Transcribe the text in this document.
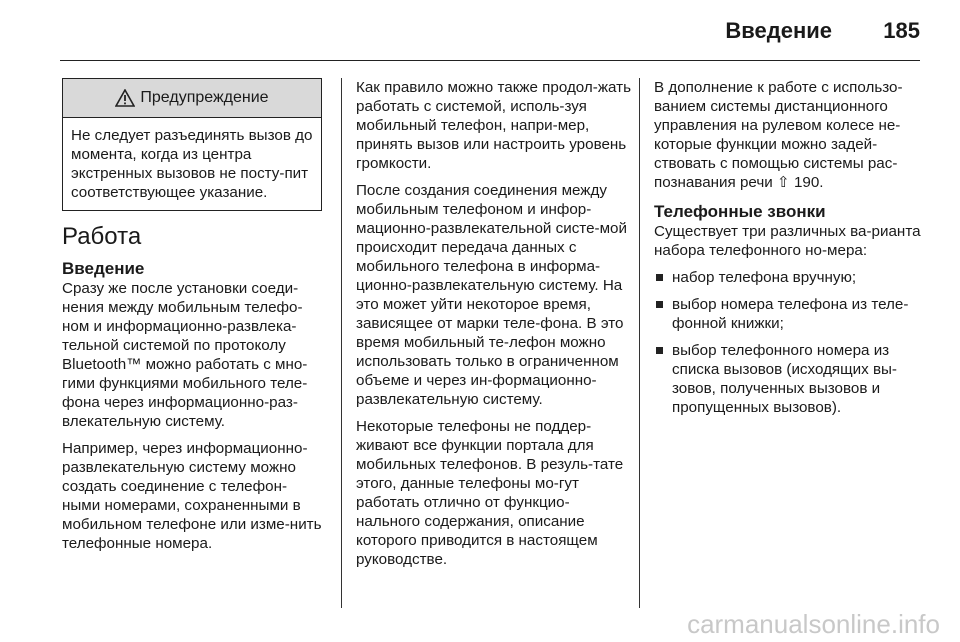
Введение 185
Предупреждение
Не следует разъединять вызов до момента, когда из центра экстренных вызовов не посту-пит соответствующее указание.
Работа
Введение

Сразу же после установки соеди-нения между мобильным телефо-ном и информационно-развлека-тельной системой по протоколу Bluetooth™ можно работать с мно-гими функциями мобильного теле-фона через информационно-раз-влекательную систему.

Например, через информационно-развлекательную систему можно создать соединение с телефон-ными номерами, сохраненными в мобильном телефоне или изме-нить телефонные номера.

Как правило можно также продол-жать работать с системой, исполь-зуя мобильный телефон, напри-мер, принять вызов или настроить уровень громкости.

После создания соединения между мобильным телефоном и инфор-мационно-развлекательной систе-мой происходит передача данных с мобильного телефона в информа-ционно-развлекательную систему. На это может уйти некоторое время, зависящее от марки теле-фона. В это время мобильный те-лефон можно использовать только в ограниченном объеме и через ин-формационно-развлекательную систему.

Некоторые телефоны не поддер-живают все функции портала для мобильных телефонов. В резуль-тате этого, данные телефоны мо-гут работать отлично от функцио-нального содержания, описание которого приводится в настоящем руководстве.

В дополнение к работе с использо-ванием системы дистанционного управления на рулевом колесе не-которые функции можно задей-ствовать с помощью системы рас-познавания речи ⇧ 190.

Телефонные звонки

Существует три различных ва-рианта набора телефонного но-мера:

набор телефона вручную;
выбор номера телефона из теле-фонной книжки;
выбор телефонного номера из списка вызовов (исходящих вы-зовов, полученных вызовов и пропущенных вызовов).
carmanualsonline.info
